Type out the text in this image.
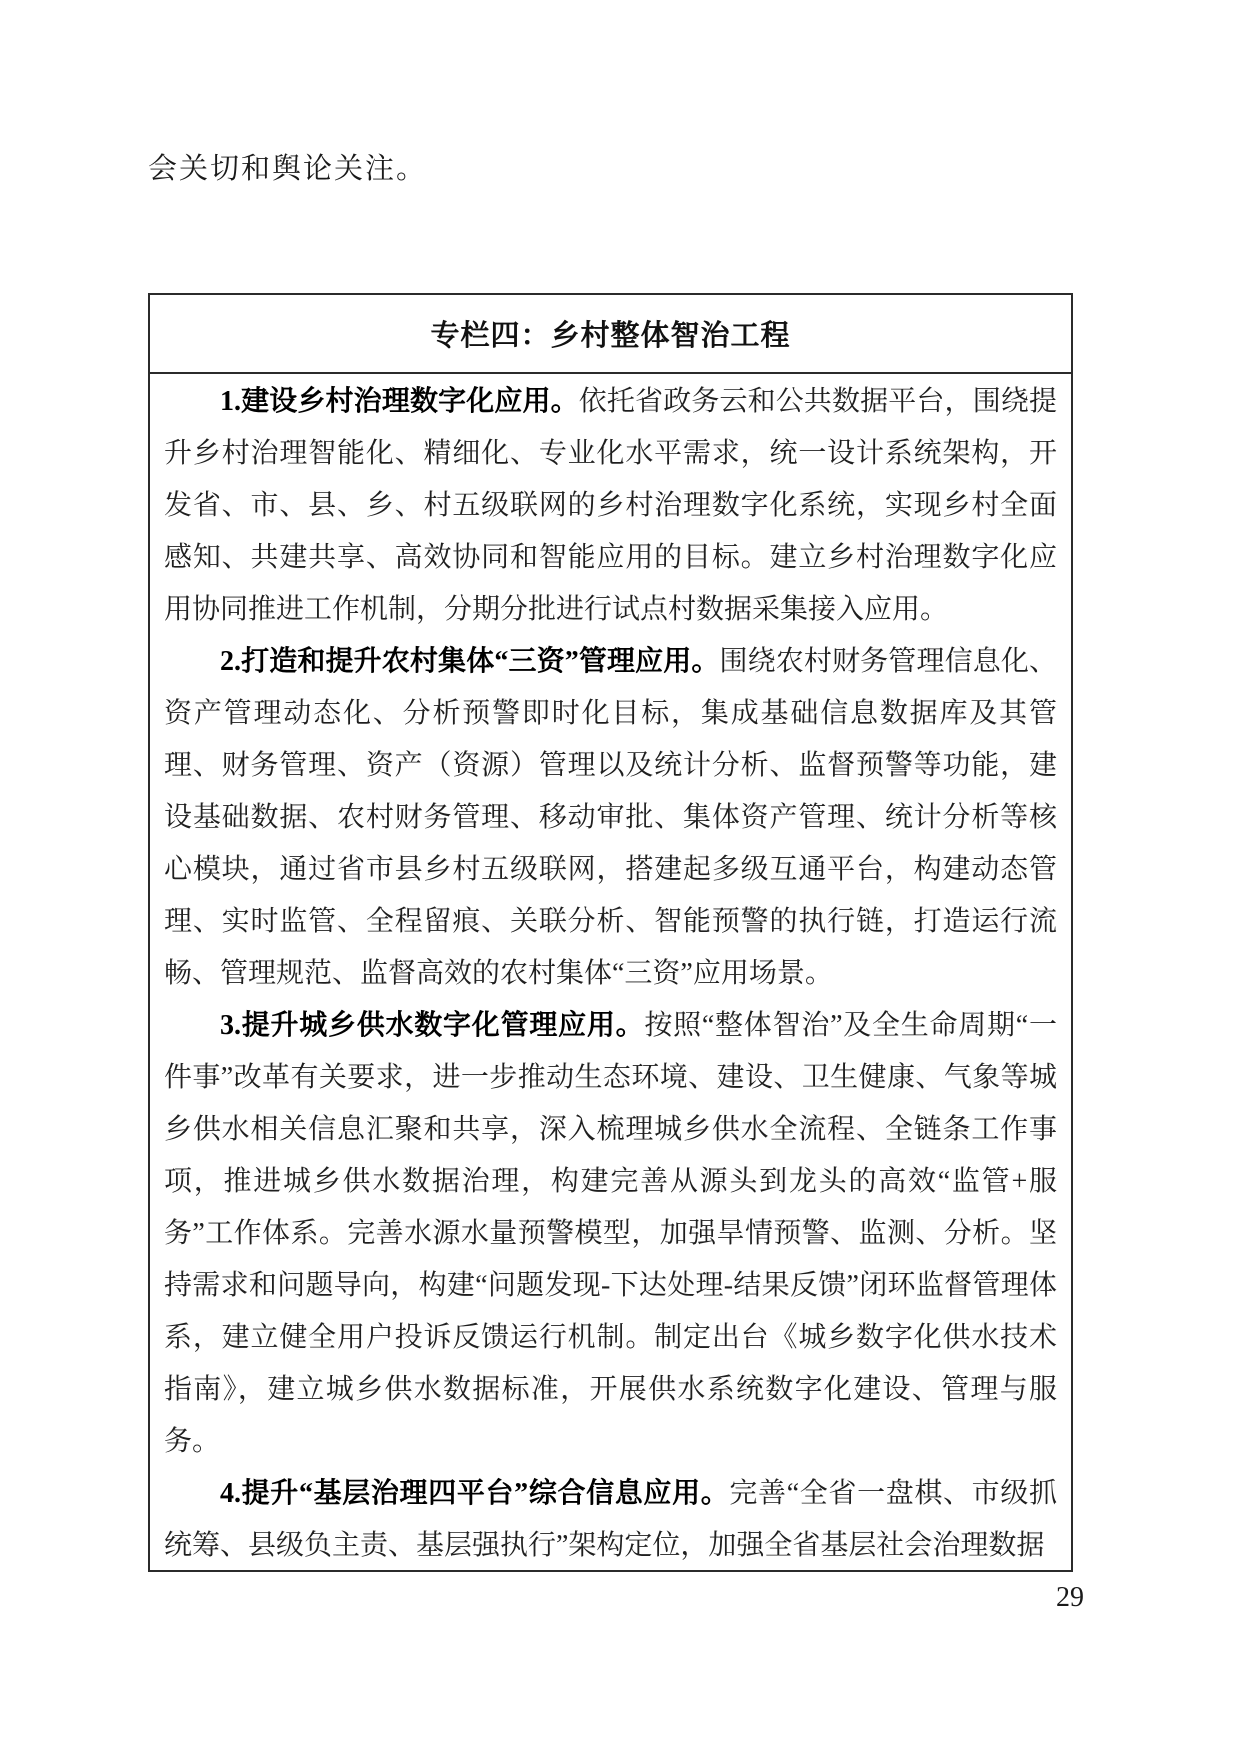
会关切和舆论关注。

专栏四：乡村整体智治工程

1.建设乡村治理数字化应用。依托省政务云和公共数据平台，围绕提升乡村治理智能化、精细化、专业化水平需求，统一设计系统架构，开发省、市、县、乡、村五级联网的乡村治理数字化系统，实现乡村全面感知、共建共享、高效协同和智能应用的目标。建立乡村治理数字化应用协同推进工作机制，分期分批进行试点村数据采集接入应用。

2.打造和提升农村集体“三资”管理应用。围绕农村财务管理信息化、资产管理动态化、分析预警即时化目标，集成基础信息数据库及其管理、财务管理、资产（资源）管理以及统计分析、监督预警等功能，建设基础数据、农村财务管理、移动审批、集体资产管理、统计分析等核心模块，通过省市县乡村五级联网，搭建起多级互通平台，构建动态管理、实时监管、全程留痕、关联分析、智能预警的执行链，打造运行流畅、管理规范、监督高效的农村集体“三资”应用场景。

3.提升城乡供水数字化管理应用。按照“整体智治”及全生命周期“一件事”改革有关要求，进一步推动生态环境、建设、卫生健康、气象等城乡供水相关信息汇聚和共享，深入梳理城乡供水全流程、全链条工作事项，推进城乡供水数据治理，构建完善从源头到龙头的高效“监管+服务”工作体系。完善水源水量预警模型，加强旱情预警、监测、分析。坚持需求和问题导向，构建“问题发现-下达处理-结果反馈”闭环监督管理体系，建立健全用户投诉反馈运行机制。制定出台《城乡数字化供水技术指南》，建立城乡供水数据标准，开展供水系统数字化建设、管理与服务。

4.提升“基层治理四平台”综合信息应用。完善“全省一盘棋、市级抓统筹、县级负主责、基层强执行”架构定位，加强全省基层社会治理数据

29
